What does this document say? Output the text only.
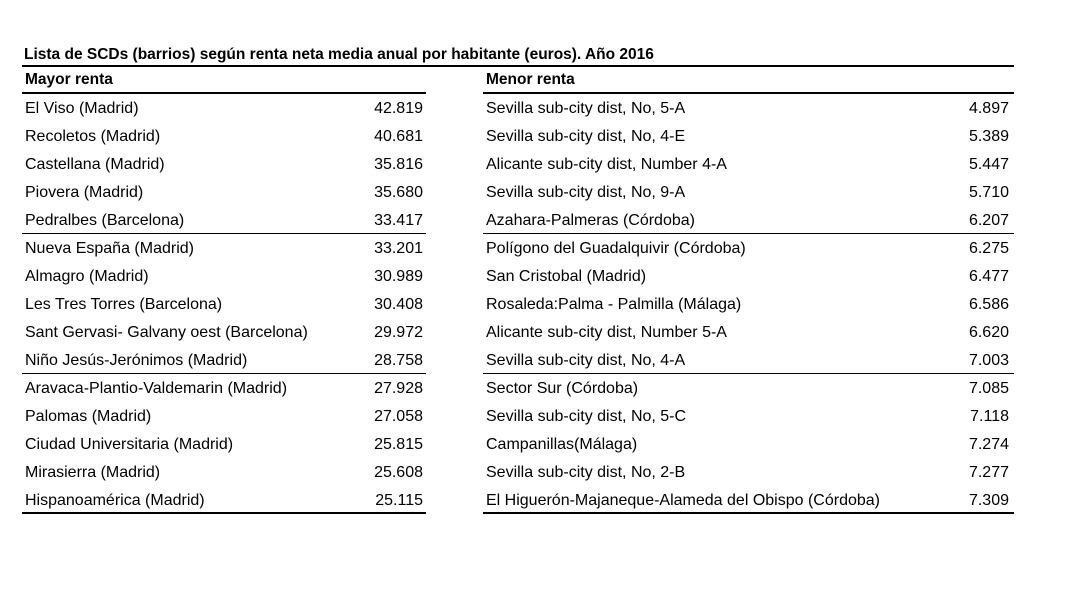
Lista de SCDs (barrios) según renta neta media anual por habitante (euros). Año 2016
Mayor renta
El Viso (Madrid)	42.819
Recoletos (Madrid)	40.681
Castellana (Madrid)	35.816
Piovera (Madrid)	35.680
Pedralbes (Barcelona)	33.417
Nueva España (Madrid)	33.201
Almagro (Madrid)	30.989
Les Tres Torres (Barcelona)	30.408
Sant Gervasi- Galvany oest (Barcelona)	29.972
Niño Jesús-Jerónimos (Madrid)	28.758
Aravaca-Plantio-Valdemarin (Madrid)	27.928
Palomas (Madrid)	27.058
Ciudad Universitaria (Madrid)	25.815
Mirasierra (Madrid)	25.608
Hispanoamérica (Madrid)	25.115
Menor renta
Sevilla sub-city dist, No, 5-A	4.897
Sevilla sub-city dist, No, 4-E	5.389
Alicante sub-city dist, Number 4-A	5.447
Sevilla sub-city dist, No, 9-A	5.710
Azahara-Palmeras (Córdoba)	6.207
Polígono del Guadalquivir (Córdoba)	6.275
San Cristobal (Madrid)	6.477
Rosaleda:Palma - Palmilla (Málaga)	6.586
Alicante sub-city dist, Number 5-A	6.620
Sevilla sub-city dist, No, 4-A	7.003
Sector Sur (Córdoba)	7.085
Sevilla sub-city dist, No, 5-C	7.118
Campanillas(Málaga)	7.274
Sevilla sub-city dist, No, 2-B	7.277
El Higuerón-Majaneque-Alameda del Obispo (Córdoba)	7.309
